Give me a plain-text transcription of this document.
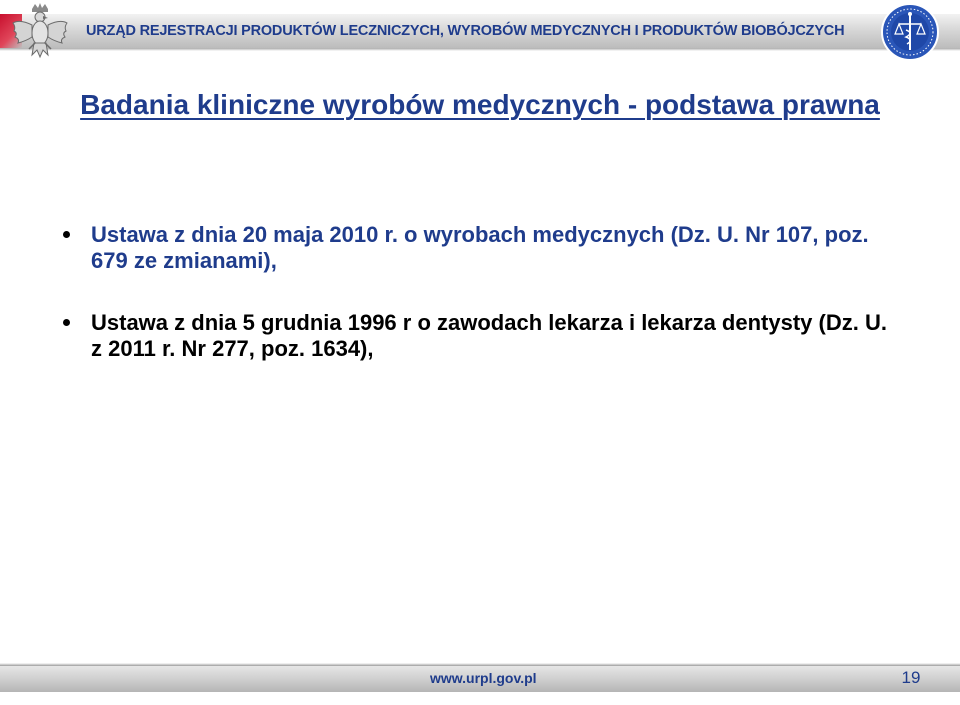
URZĄD REJESTRACJI PRODUKTÓW LECZNICZYCH, WYROBÓW MEDYCZNYCH I PRODUKTÓW BIOBÓJCZYCH
Badania kliniczne wyrobów medycznych - podstawa prawna
Ustawa z dnia 20 maja 2010 r. o wyrobach medycznych (Dz. U. Nr 107, poz. 679 ze zmianami),
Ustawa z dnia 5 grudnia 1996 r o zawodach lekarza i lekarza dentysty (Dz. U. z 2011 r. Nr 277, poz. 1634),
www.urpl.gov.pl	19
